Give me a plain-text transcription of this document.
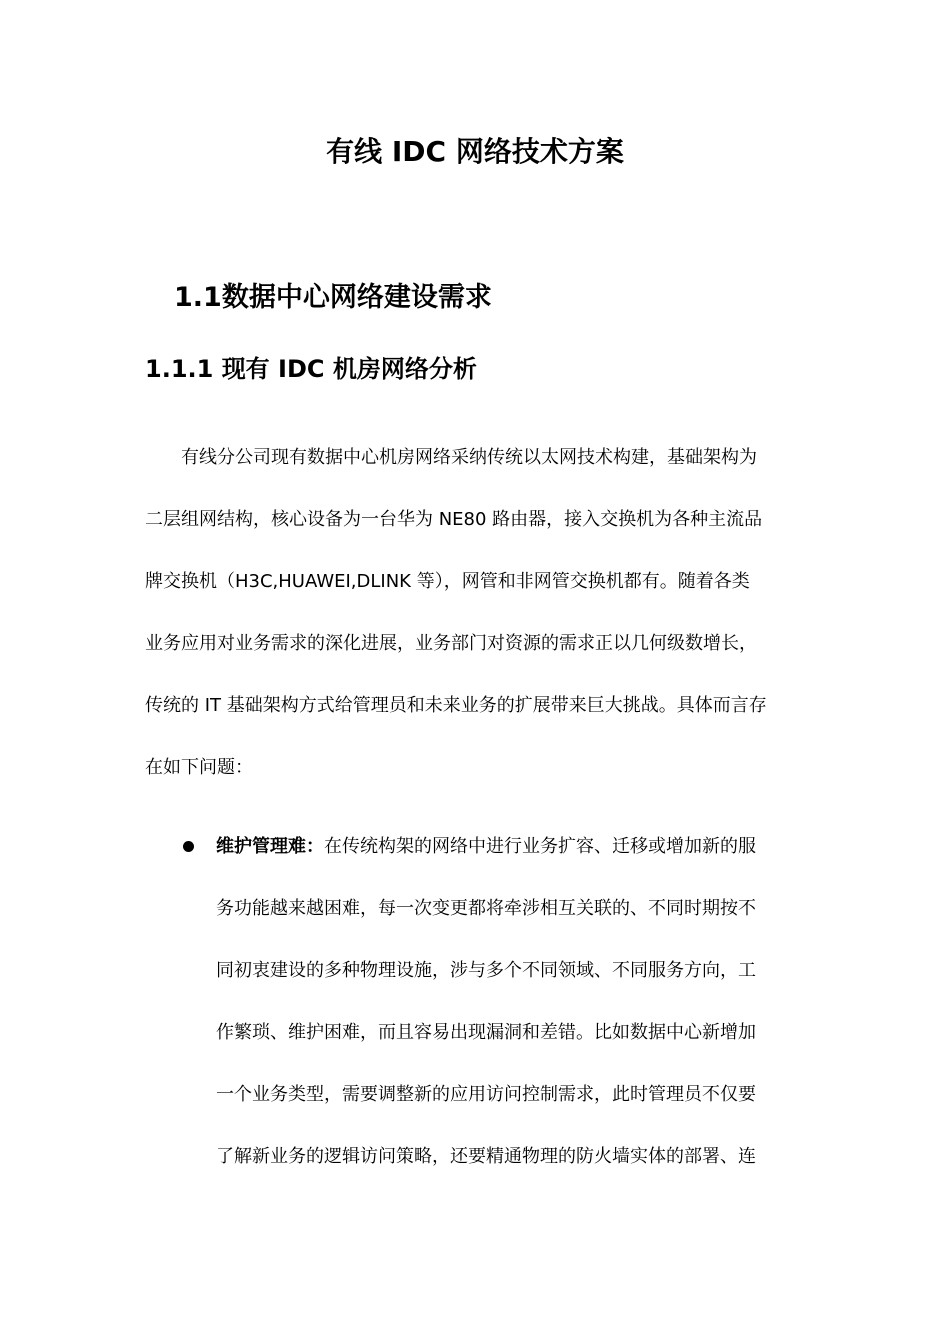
有线 IDC 网络技术方案
1.1数据中心网络建设需求
1.1.1 现有 IDC 机房网络分析

有线分公司现有数据中心机房网络采纳传统以太网技术构建，基础架构为
二层组网结构，核心设备为一台华为 NE80 路由器，接入交换机为各种主流品
牌交换机（H3C,HUAWEI,DLINK 等），网管和非网管交换机都有。随着各类
业务应用对业务需求的深化进展，业务部门对资源的需求正以几何级数增长，
传统的 IT 基础架构方式给管理员和未来业务的扩展带来巨大挑战。具体而言存
在如下问题：

维护管理难：在传统构架的网络中进行业务扩容、迁移或增加新的服
务功能越来越困难，每一次变更都将牵涉相互关联的、不同时期按不
同初衷建设的多种物理设施，涉与多个不同领域、不同服务方向，工
作繁琐、维护困难，而且容易出现漏洞和差错。比如数据中心新增加
一个业务类型，需要调整新的应用访问控制需求，此时管理员不仅要
了解新业务的逻辑访问策略，还要精通物理的防火墙实体的部署、连
